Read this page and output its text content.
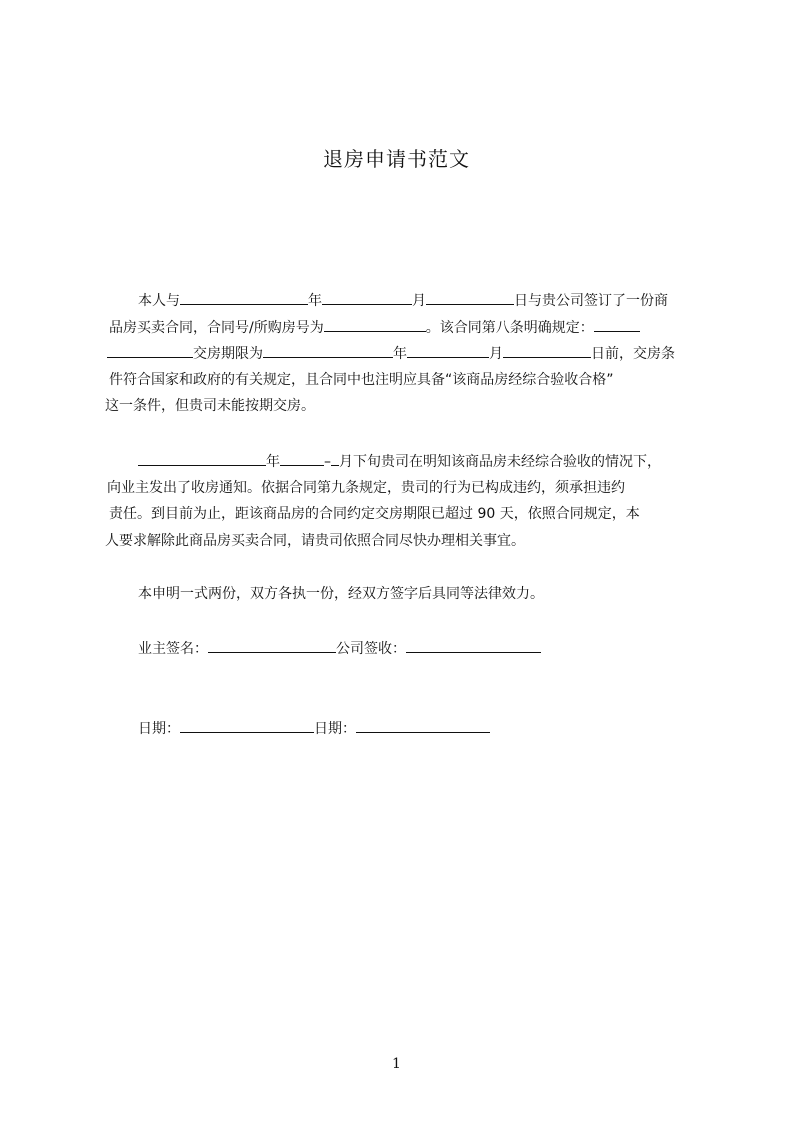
退房申请书范文
本人与	年	月	日与贵公司签订了一份商
品房买卖合同，合同号/所购房号为	。该合同第八条明确规定：
交房期限为	年	月	日前，交房条
件符合国家和政府的有关规定，且合同中也注明应具备“该商品房经综合验收合格”
这一条件，但贵司未能按期交房。
年	– 月下旬贵司在明知该商品房未经综合验收的情况下，
向业主发出了收房通知。依据合同第九条规定，贵司的行为已构成违约，须承担违约
责任。到目前为止，距该商品房的合同约定交房期限已超过 90 天，依照合同规定，本
人要求解除此商品房买卖合同，请贵司依照合同尽快办理相关事宜。
本申明一式两份，双方各执一份，经双方签字后具同等法律效力。
业主签名：	公司签收：
日期：	日期：
1
